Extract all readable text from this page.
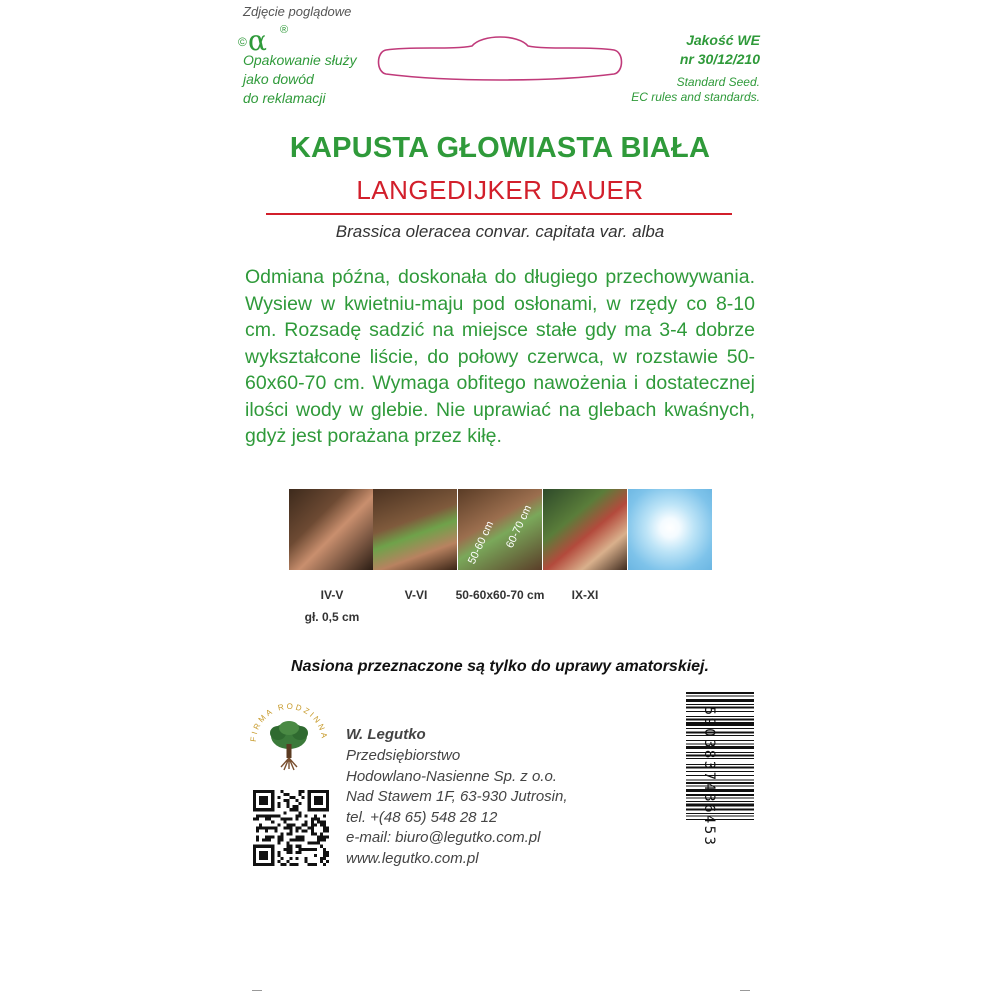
Zdjęcie poglądowe
© α ®
Opakowanie służy
jako dowód
do reklamacji
Jakość WE
nr 30/12/210
Standard Seed.
EC rules and standards.
KAPUSTA GŁOWIASTA BIAŁA
LANGEDIJKER DAUER
Brassica oleracea convar. capitata var. alba
Odmiana późna, doskonała do długiego przechowywania. Wysiew w kwietniu-maju pod osłonami, w rzędy co 8-10 cm. Rozsadę sadzić na miejsce stałe gdy ma 3-4 dobrze wykształcone liście, do połowy czerwca, w rozstawie 50-60x60-70 cm. Wymaga obfitego nawożenia i dostatecznej ilości wody w glebie. Nie uprawiać na glebach kwaśnych, gdyż jest porażana przez kiłę.
50-60 cm 60-70 cm
IV-V
gł. 0,5 cm
V-VI	50-60x60-70 cm	IX-XI
Nasiona przeznaczone są tylko do uprawy amatorskiej.
FIRMA RODZINNA W. Legutko
Przedsiębiorstwo
Hodowlano-Nasienne Sp. z o.o.
Nad Stawem 1F, 63-930 Jutrosin,
tel. +(48 65) 548 28 12
e-mail: biuro@legutko.com.pl
www.legutko.com.pl
5903837436453
